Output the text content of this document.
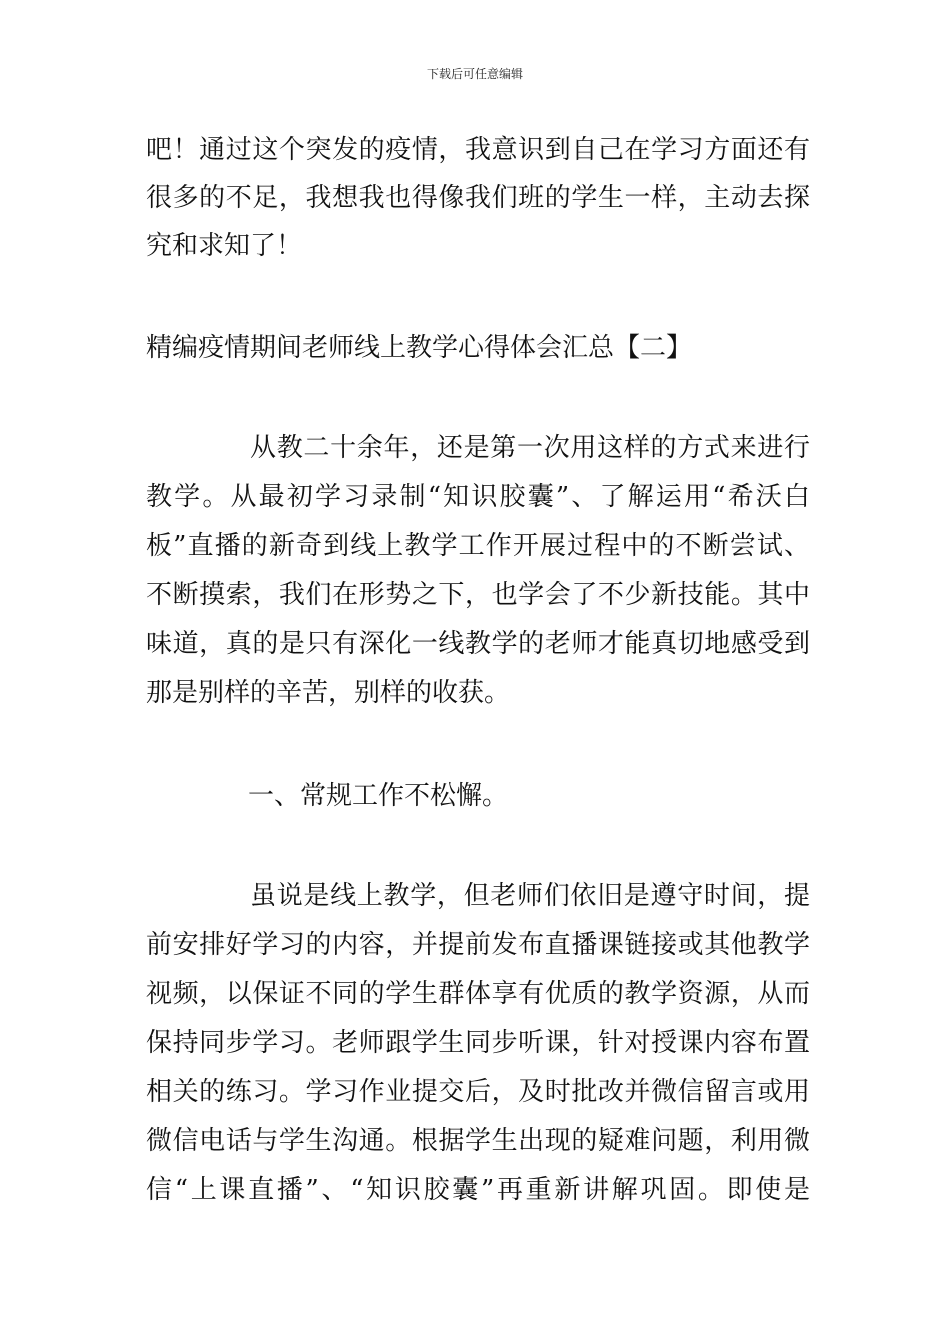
下载后可任意编辑
吧！通过这个突发的疫情，我意识到自己在学习方面还有
很多的不足，我想我也得像我们班的学生一样，主动去探
究和求知了！
精编疫情期间老师线上教学心得体会汇总【二】
从教二十余年，还是第一次用这样的方式来进行
教学。从最初学习录制“知识胶囊”、了解运用“希沃白
板”直播的新奇到线上教学工作开展过程中的不断尝试、
不断摸索，我们在形势之下，也学会了不少新技能。其中
味道，真的是只有深化一线教学的老师才能真切地感受到
那是别样的辛苦，别样的收获。
一、常规工作不松懈。
虽说是线上教学，但老师们依旧是遵守时间，提
前安排好学习的内容，并提前发布直播课链接或其他教学
视频，以保证不同的学生群体享有优质的教学资源，从而
保持同步学习。老师跟学生同步听课，针对授课内容布置
相关的练习。学习作业提交后，及时批改并微信留言或用
微信电话与学生沟通。根据学生出现的疑难问题，利用微
信“上课直播”、“知识胶囊”再重新讲解巩固。即使是
